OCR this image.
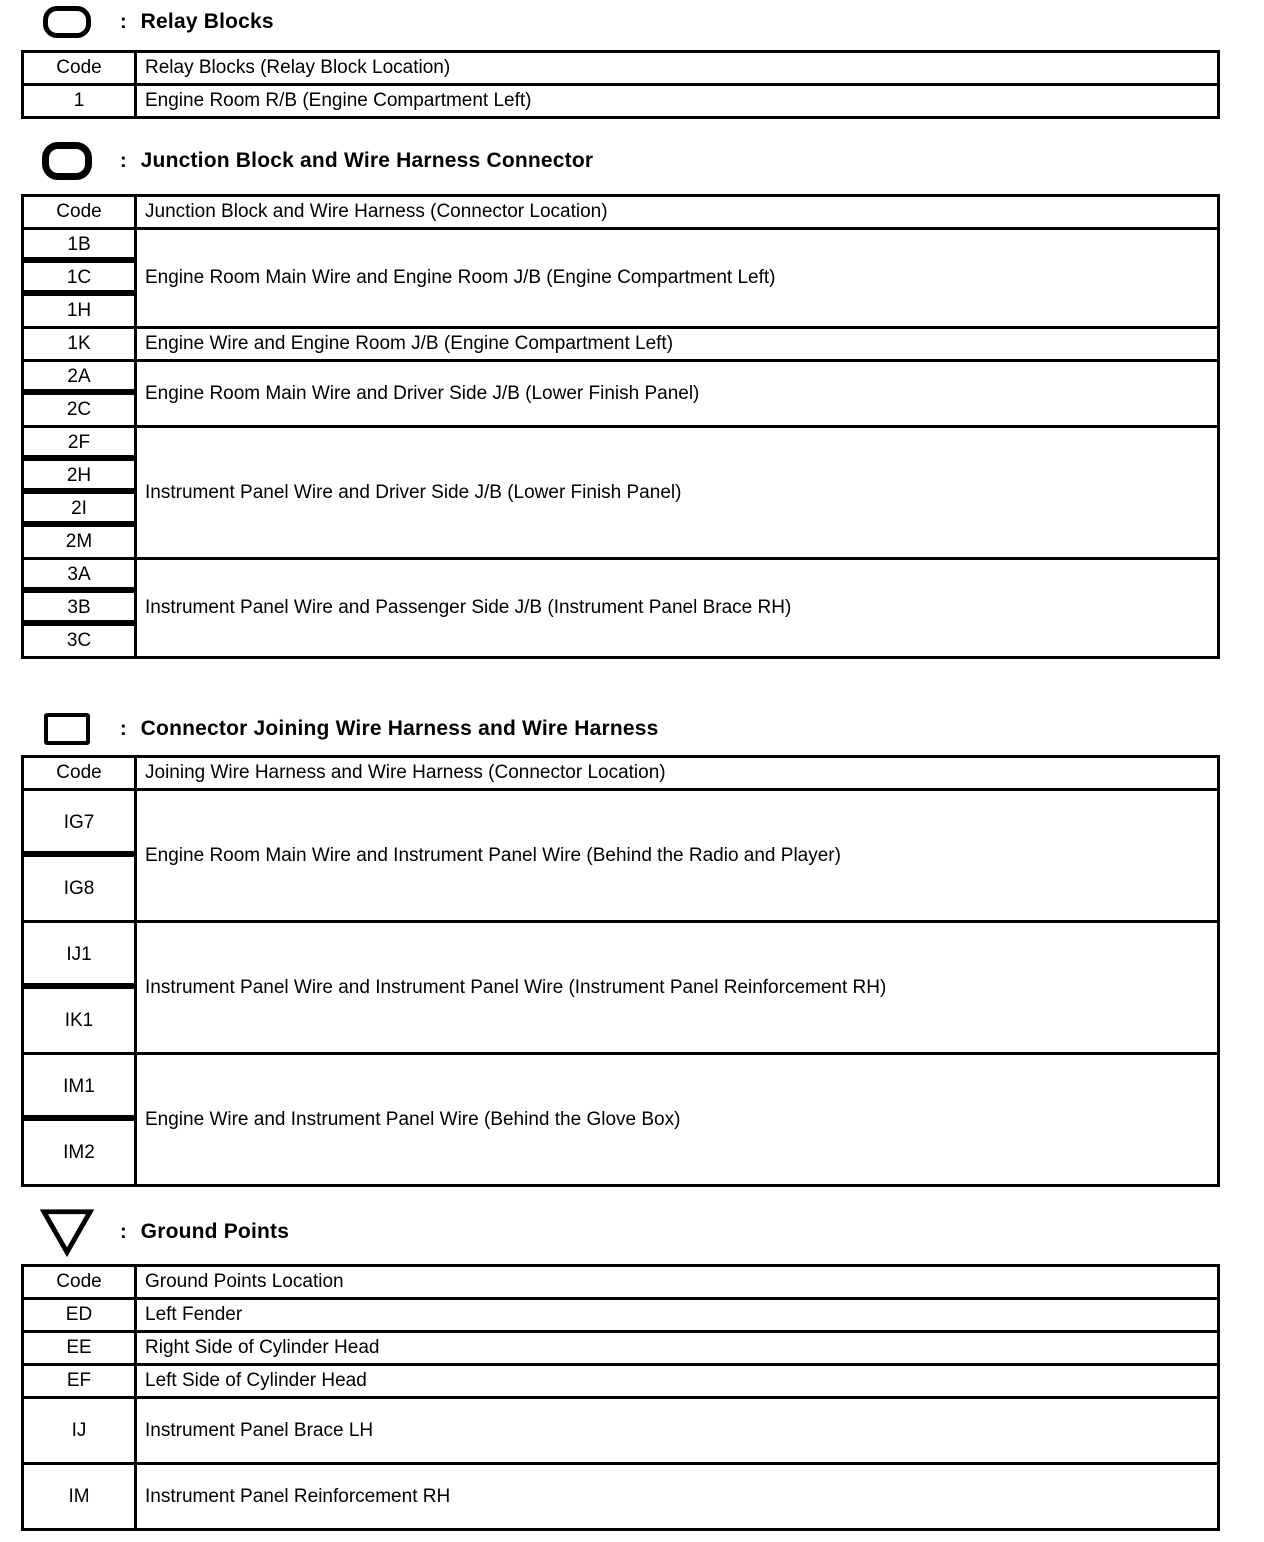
: Relay Blocks
Code	Relay Blocks (Relay Block Location)
1	Engine Room R/B (Engine Compartment Left)
: Junction Block and Wire Harness Connector
Code	Junction Block and Wire Harness (Connector Location)
1B	Engine Room Main Wire and Engine Room J/B (Engine Compartment Left)
1C	
1H	
1K	Engine Wire and Engine Room J/B (Engine Compartment Left)
2A	Engine Room Main Wire and Driver Side J/B (Lower Finish Panel)
2C	
2F	Instrument Panel Wire and Driver Side J/B (Lower Finish Panel)
2H	
2I	
2M	
3A	Instrument Panel Wire and Passenger Side J/B (Instrument Panel Brace RH)
3B	
3C	
: Connector Joining Wire Harness and Wire Harness
Code	Joining Wire Harness and Wire Harness (Connector Location)
IG7	Engine Room Main Wire and Instrument Panel Wire (Behind the Radio and Player)
IG8	
IJ1	Instrument Panel Wire and Instrument Panel Wire (Instrument Panel Reinforcement RH)
IK1	
IM1	Engine Wire and Instrument Panel Wire (Behind the Glove Box)
IM2	
: Ground Points
Code	Ground Points Location
ED	Left Fender
EE	Right Side of Cylinder Head
EF	Left Side of Cylinder Head
IJ	Instrument Panel Brace LH
IM	Instrument Panel Reinforcement RH
